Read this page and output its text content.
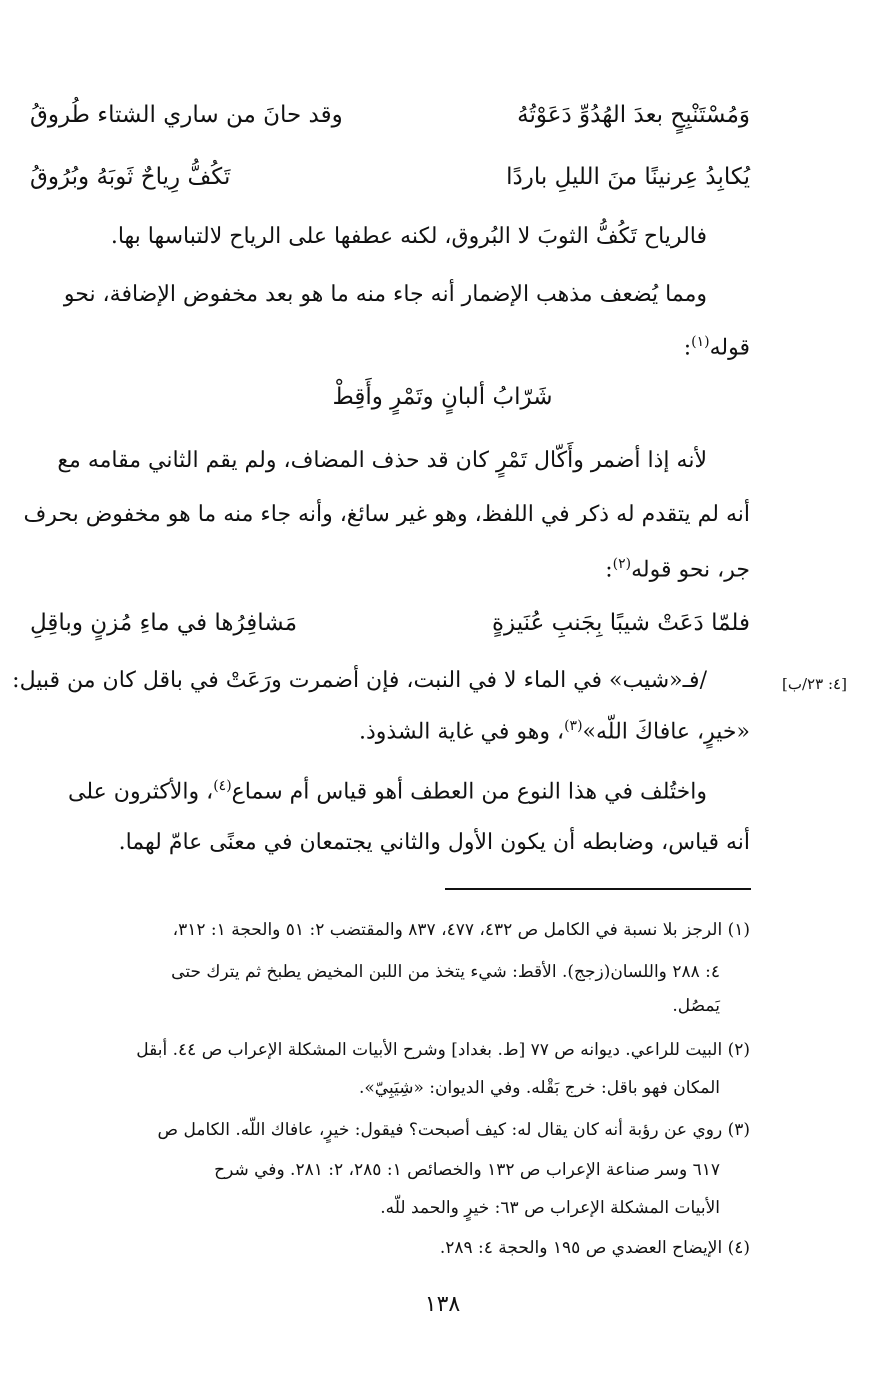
وَمُسْتَنْبِحٍ بعدَ الهُدُوِّ دَعَوْتُهُ
وقد حانَ من ساري الشتاء طُروقُ
يُكابِدُ عِرنينًا منَ الليلِ باردًا
تَكُفُّ رِياحٌ ثَوبَهُ وبُرُوقُ
فالرياح تَكُفُّ الثوبَ لا البُروق، لكنه عطفها على الرياح لالتباسها بها.
ومما يُضعف مذهب الإضمار أنه جاء منه ما هو بعد مخفوض الإضافة، نحو
قوله$^{(١)}$:
شَرّابُ ألبانٍ وتَمْرٍ وأَقِطْ
لأنه إذا أضمر وأَكّال تَمْرٍ كان قد حذف المضاف، ولم يقم الثاني مقامه مع
أنه لم يتقدم له ذكر في اللفظ، وهو غير سائغ، وأنه جاء منه ما هو مخفوض بحرف
جر، نحو قوله$^{(٢)}$:
فلمّا دَعَتْ شيبًا بِجَنبِ عُنَيزةٍ
مَشافِرُها في ماءِ مُزنٍ وباقِلِ
/فـ«شيب» في الماء لا في النبت، فإن أضمرت ورَعَتْ في باقل كان من قبيل:	[٤: ٢٣/ب]
«خيرٍ، عافاكَ اللّه»$^{(٣)}$، وهو في غاية الشذوذ.
واختُلف في هذا النوع من العطف أهو قياس أم سماع$^{(٤)}$، والأكثرون على
أنه قياس، وضابطه أن يكون الأول والثاني يجتمعان في معنًى عامّ لهما.
(١) الرجز بلا نسبة في الكامل ص ٤٣٢، ٤٧٧، ٨٣٧ والمقتضب ٢: ٥١ والحجة ١: ٣١٢،
٤: ٢٨٨ واللسان(زجج). الأقط: شيء يتخذ من اللبن المخيض يطبخ ثم يترك حتى
يَمصُل.
(٢) البيت للراعي. ديوانه ص ٧٧ [ط. بغداد] وشرح الأبيات المشكلة الإعراب ص ٤٤. أبقل
المكان فهو باقل: خرج بَقْله. وفي الديوان: «شِيَبِيّ».
(٣) روي عن رؤبة أنه كان يقال له: كيف أصبحت؟ فيقول: خيرٍ، عافاك اللّه. الكامل ص
٦١٧ وسر صناعة الإعراب ص ١٣٢ والخصائص ١: ٢٨٥، ٢: ٢٨١. وفي شرح
الأبيات المشكلة الإعراب ص ٦٣: خيرٍ والحمد للّه.
(٤) الإيضاح العضدي ص ١٩٥ والحجة ٤: ٢٨٩.
١٣٨
